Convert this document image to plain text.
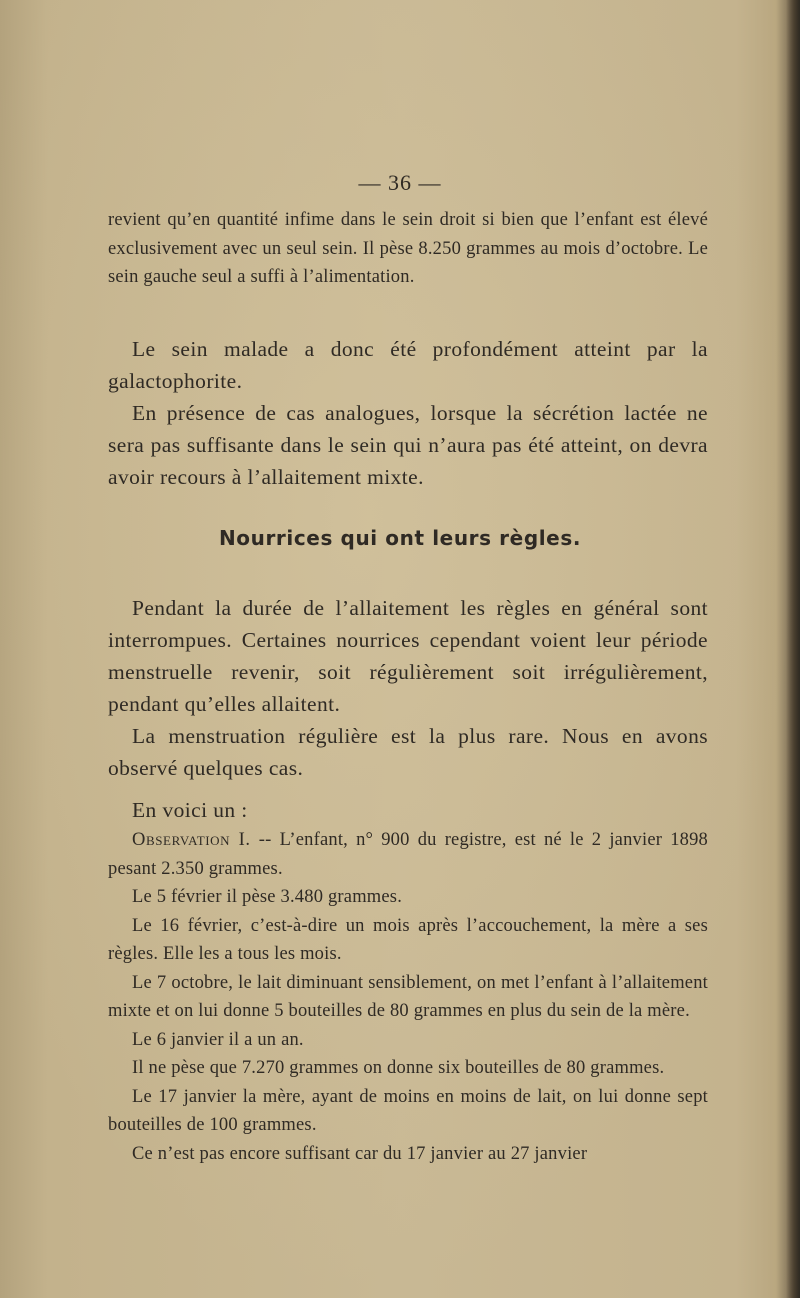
— 36 —

revient qu’en quantité infime dans le sein droit si bien que l’enfant est élevé exclusivement avec un seul sein. Il pèse 8.250 grammes au mois d’octobre. Le sein gauche seul a suffi à l’alimentation.

Le sein malade a donc été profondément atteint par la galactophorite.

En présence de cas analogues, lorsque la sécrétion lactée ne sera pas suffisante dans le sein qui n’aura pas été atteint, on devra avoir recours à l’allaitement mixte.

Nourrices qui ont leurs règles.

Pendant la durée de l’allaitement les règles en général sont interrompues. Certaines nourrices cependant voient leur période menstruelle revenir, soit régulièrement soit irrégulièrement, pendant qu’elles allaitent.

La menstruation régulière est la plus rare. Nous en avons observé quelques cas.

En voici un :

Observation I. -- L’enfant, n° 900 du registre, est né le 2 janvier 1898 pesant 2.350 grammes.

Le 5 février il pèse 3.480 grammes.

Le 16 février, c’est-à-dire un mois après l’accouchement, la mère a ses règles. Elle les a tous les mois.

Le 7 octobre, le lait diminuant sensiblement, on met l’enfant à l’allaitement mixte et on lui donne 5 bouteilles de 80 grammes en plus du sein de la mère.

Le 6 janvier il a un an.

Il ne pèse que 7.270 grammes on donne six bouteilles de 80 grammes.

Le 17 janvier la mère, ayant de moins en moins de lait, on lui donne sept bouteilles de 100 grammes.

Ce n’est pas encore suffisant car du 17 janvier au 27 janvier
